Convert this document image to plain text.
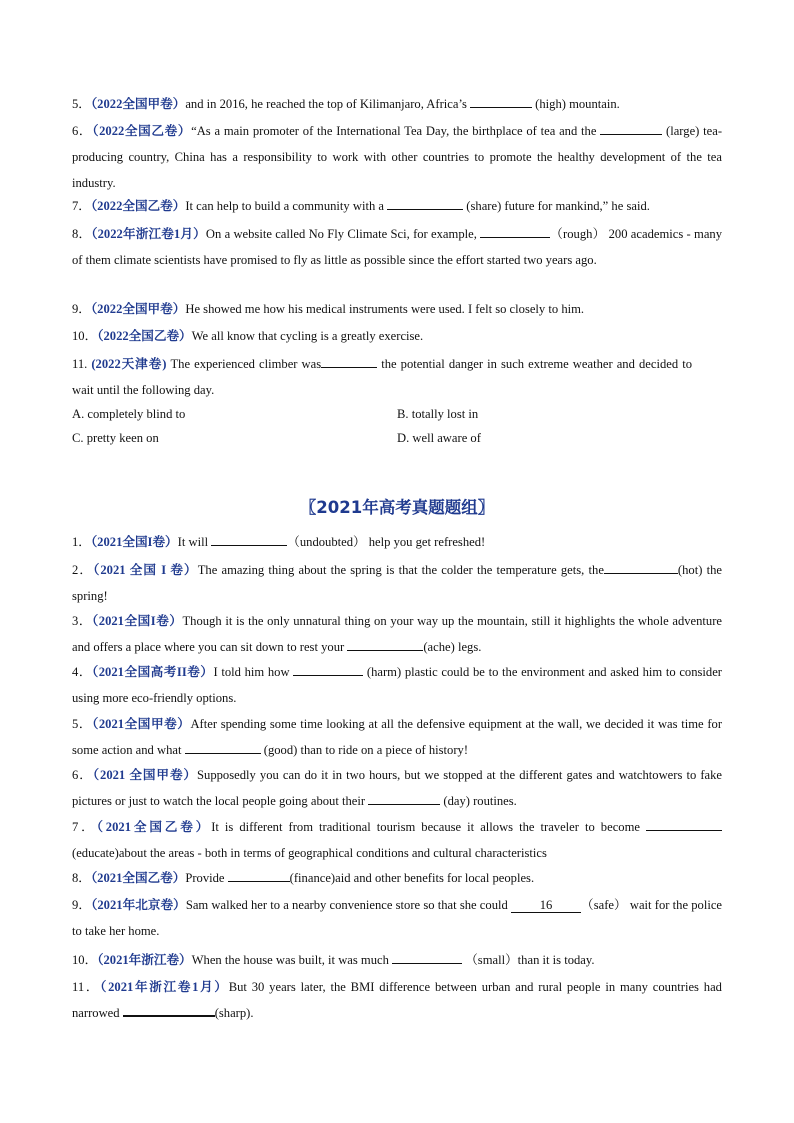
5．（2022全国甲卷）and in 2016, he reached the top of Kilimanjaro, Africa’s	(high) mountain.
6．（2022全国乙卷）“As a main promoter of the International Tea Day, the birthplace of tea and the	(large) tea-producing country, China has a responsibility to work with other countries to promote the healthy development of the tea industry.
7．（2022全国乙卷）It can help to build a community with a	(share) future for mankind,” he said.
8．（2022年浙江卷1月）On a website called No Fly Climate Sci, for example,	（rough） 200 academics - many of them climate scientists have promised to fly as little as possible since the effort started two years ago.
9．（2022全国甲卷）He showed me how his medical instruments were used. I felt so closely to him.
10．（2022全国乙卷）We all know that cycling is a greatly exercise.
11. (2022天津卷) The experienced climber was	the potential danger in such extreme weather and decided to wait until the following day.
A. completely blind to	B. totally lost in
C. pretty keen on	D. well aware of
〖2021年高考真题题组〗
1．（2021全国I卷）It will	（undoubted） help you get refreshed!
2．（2021 全国 I 卷）The amazing thing about the spring is that the colder the temperature gets, the	(hot) the spring!
3．（2021全国I卷）Though it is the only unnatural thing on your way up the mountain, still it highlights the whole adventure and offers a place where you can sit down to rest your	(ache) legs.
4．（2021全国高考II卷）I told him how	(harm) plastic could be to the environment and asked him to consider using more eco-friendly options.
5．（2021全国甲卷）After spending some time looking at all the defensive equipment at the wall, we decided it was time for some action and what	(good) than to ride on a piece of history!
6．（2021 全国甲卷）Supposedly you can do it in two hours, but we stopped at the different gates and watchtowers to fake pictures or just to watch the local people going about their	(day) routines.
7．（2021全国乙卷）It is different from traditional tourism because it allows the traveler to become  (educate)about the areas - both in terms of geographical conditions and cultural characteristics
8．（2021全国乙卷）Provide	(finance)aid and other benefits for local peoples.
9．（2021年北京卷）Sam walked her to a nearby convenience store so that she could 16 （safe） wait for the police to take her home.
10．（2021年浙江卷）When the house was built, it was much	（small）than it is today.
11．（2021年浙江卷1月）But 30 years later, the BMI difference between urban and rural people in many countries had narrowed	(sharp).
